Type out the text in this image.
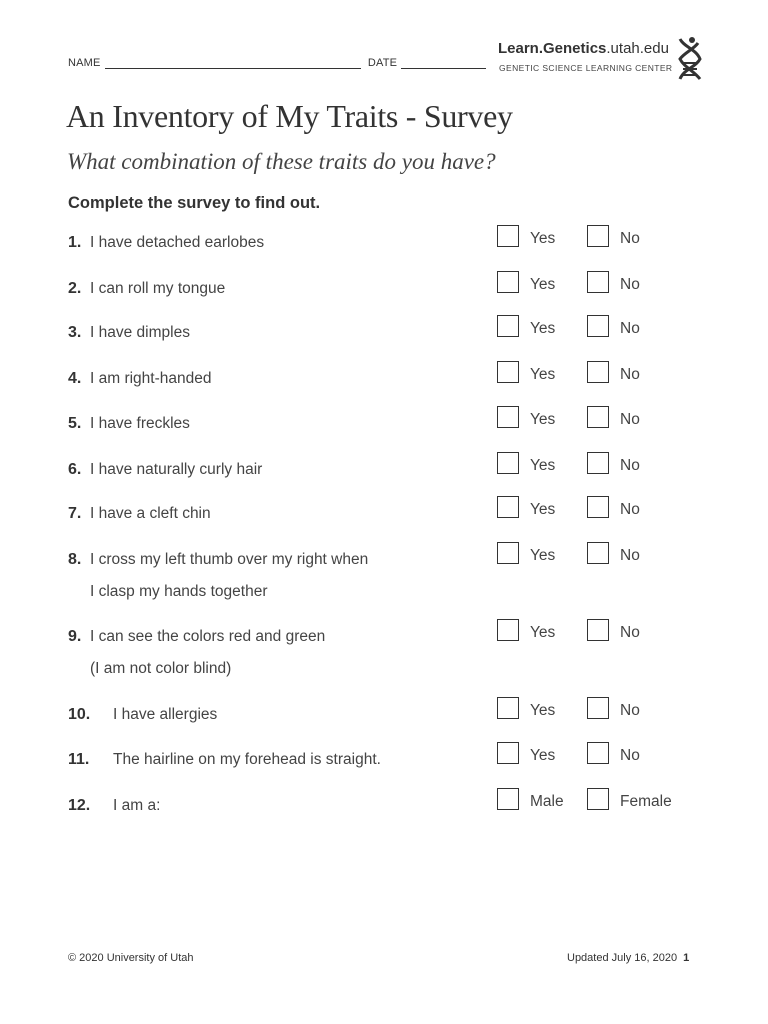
NAME	DATE
Learn.Genetics.utah.edu
GENETIC SCIENCE LEARNING CENTER
An Inventory of My Traits - Survey
What combination of these traits do you have?
Complete the survey to find out.
1. I have detached earlobes	Yes	No
2. I can roll my tongue	Yes	No
3. I have dimples	Yes	No
4. I am right-handed	Yes	No
5. I have freckles	Yes	No
6. I have naturally curly hair	Yes	No
7. I have a cleft chin	Yes	No
8. I cross my left thumb over my right when
I clasp my hands together
Yes	No
9. I can see the colors red and green
(I am not color blind)
Yes	No
10. I have allergies	Yes	No
11. The hairline on my forehead is straight.	Yes	No
12. I am a:	Male	Female
© 2020 University of Utah	Updated July 16, 2020 1
